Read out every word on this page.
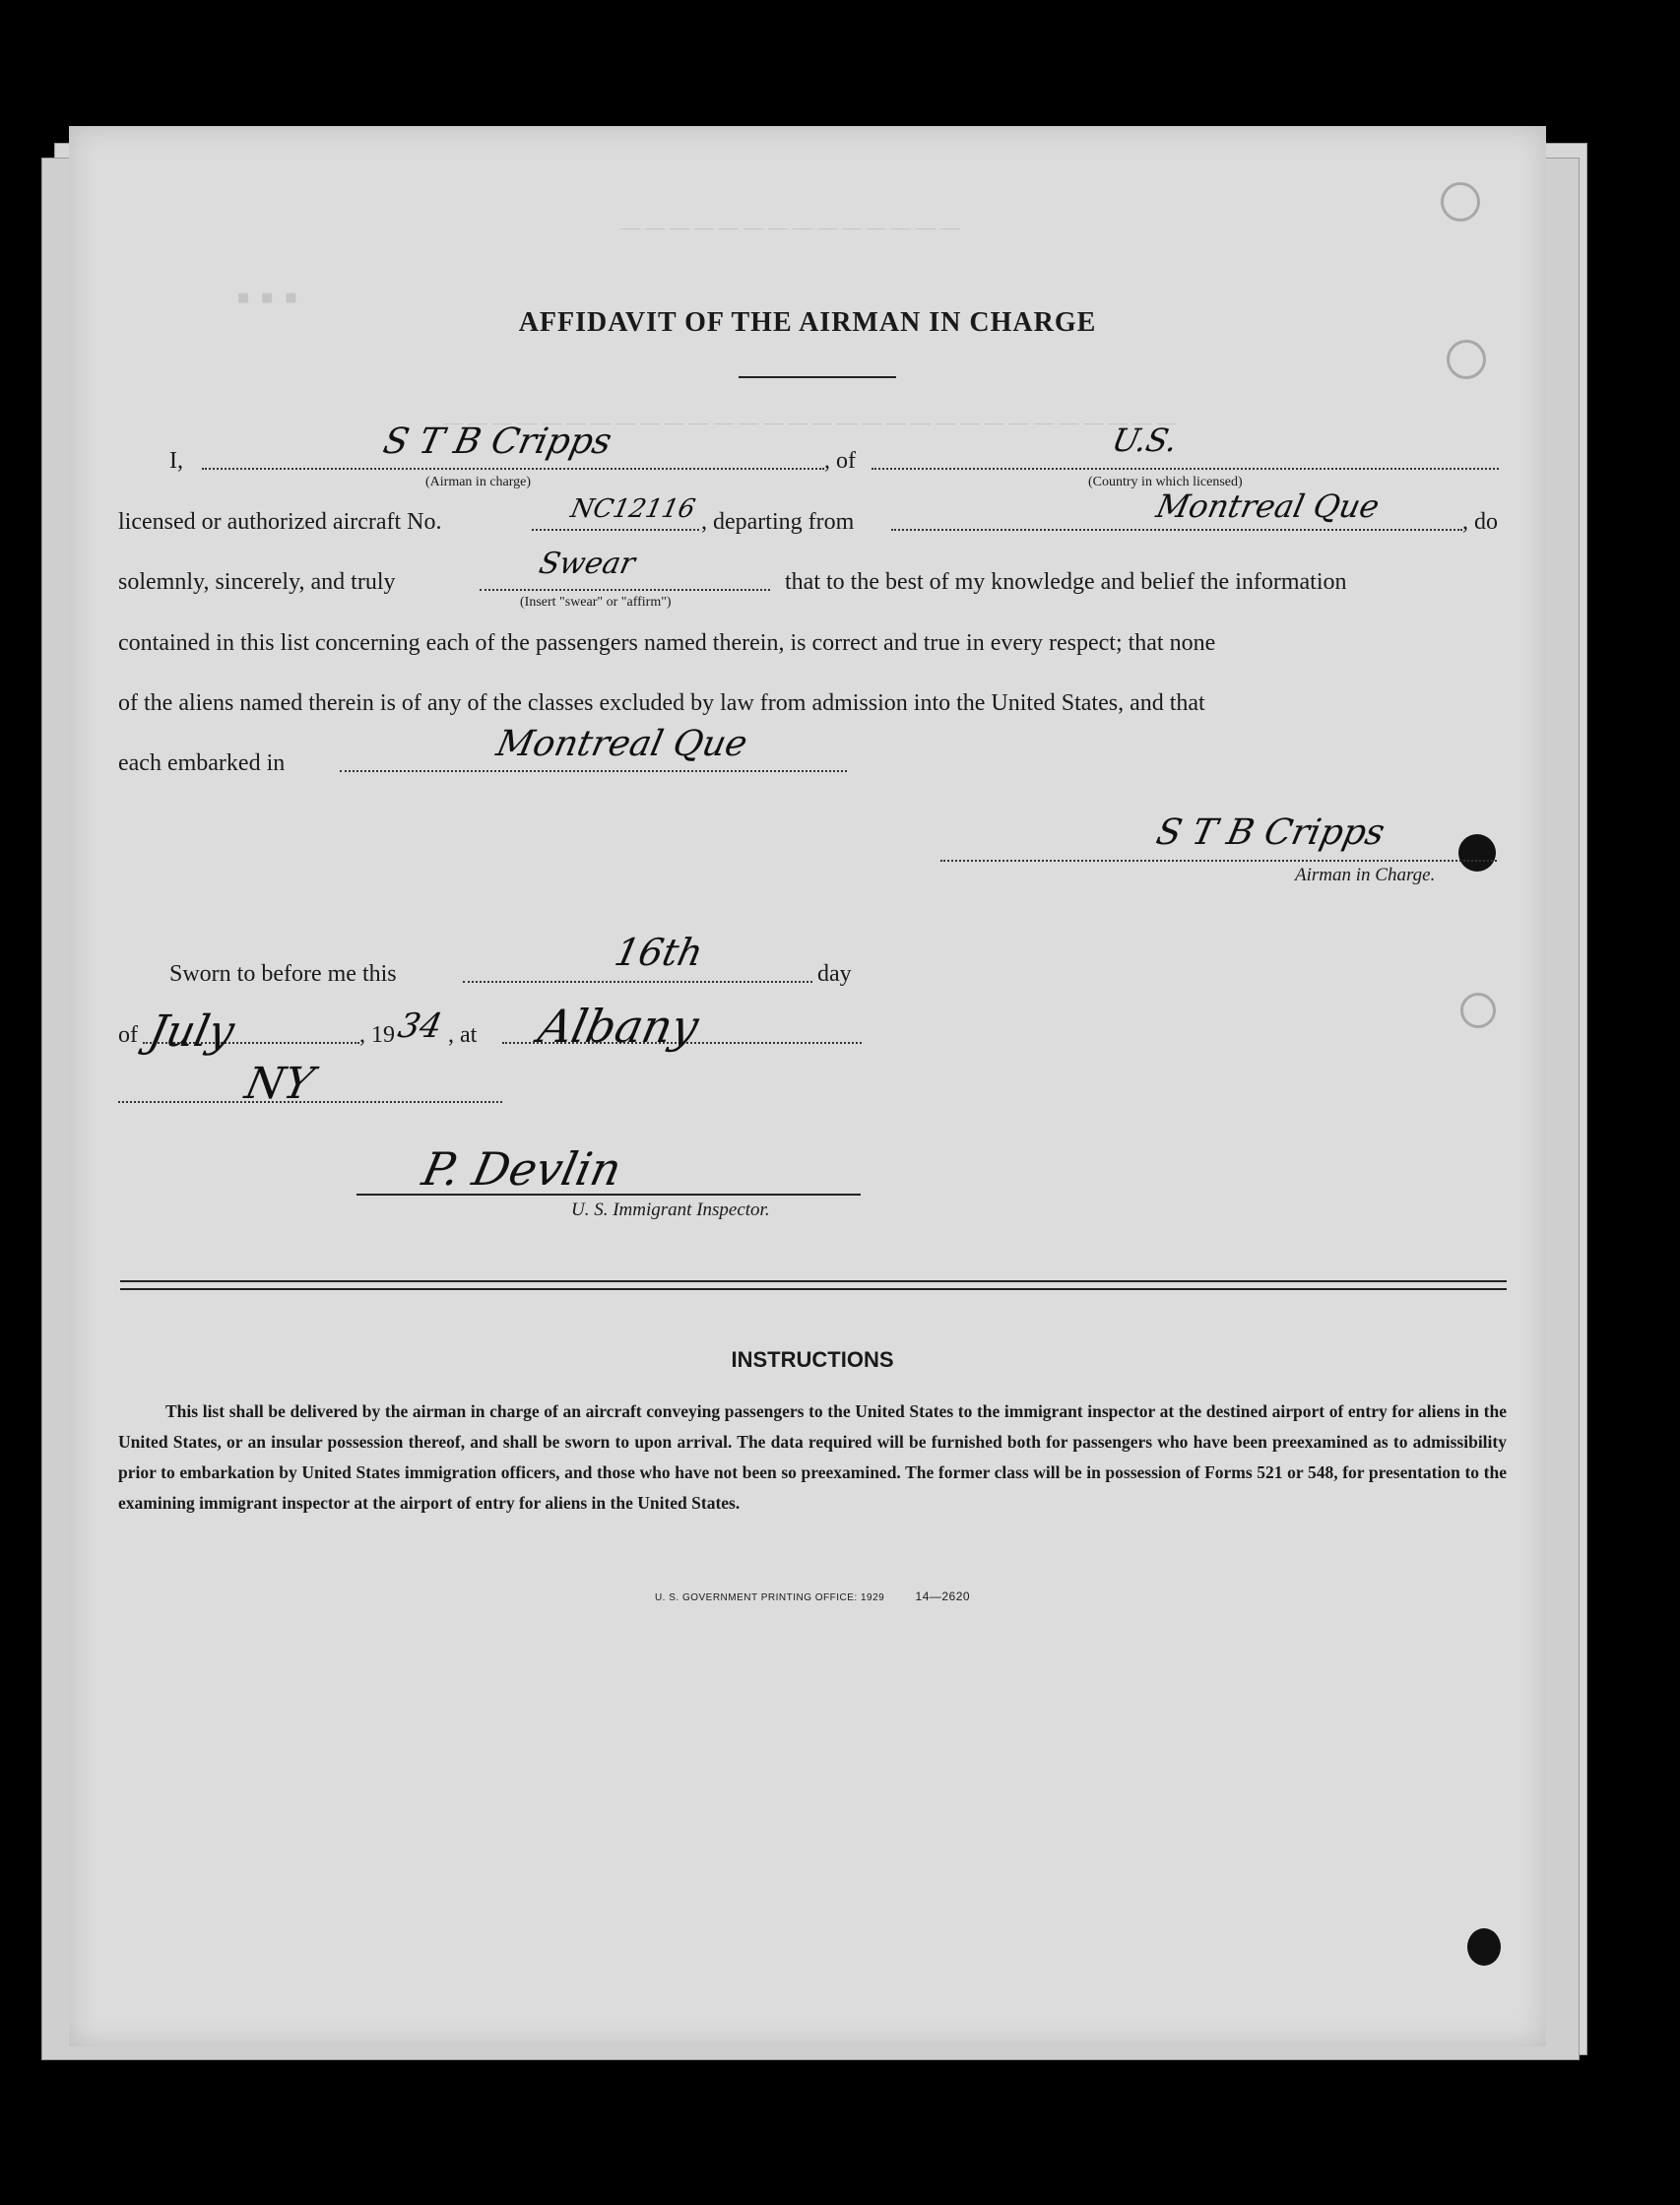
— — — — — — — — — — — — — —
▪ ▪ ▪
— — — — — — — — — — — — — — — — — — — — — — — — — — — — — —
AFFIDAVIT OF THE AIRMAN IN CHARGE
I,	S T B Cripps	, of
U.S.
(Airman in charge)	(Country in which licensed)
licensed or authorized aircraft No.	NC12116 , departing from	Montreal Que	, do
solemnly, sincerely, and truly
Swear
(Insert "swear" or "affirm")
that to the best of my knowledge and belief the information
contained in this list concerning each of the passengers named therein, is correct and true in every respect; that none
of the aliens named therein is of any of the classes excluded by law from admission into the United States, and that
each embarked in	Montreal Que
S T B Cripps
Airman in Charge.
Sworn to before me this	16th	day
of July	, 19 34 , at Albany
NY
P. Devlin
U. S. Immigrant Inspector.
INSTRUCTIONS
This list shall be delivered by the airman in charge of an aircraft conveying passengers to the United States to the immigrant inspector at the destined airport of entry for aliens in the United States, or an insular possession thereof, and shall be sworn to upon arrival. The data required will be furnished both for passengers who have been preexamined as to admissibility prior to embarkation by United States immigration officers, and those who have not been so preexamined. The former class will be in possession of Forms 521 or 548, for presentation to the examining immigrant inspector at the airport of entry for aliens in the United States.
U. S. GOVERNMENT PRINTING OFFICE: 1929	14—2620
